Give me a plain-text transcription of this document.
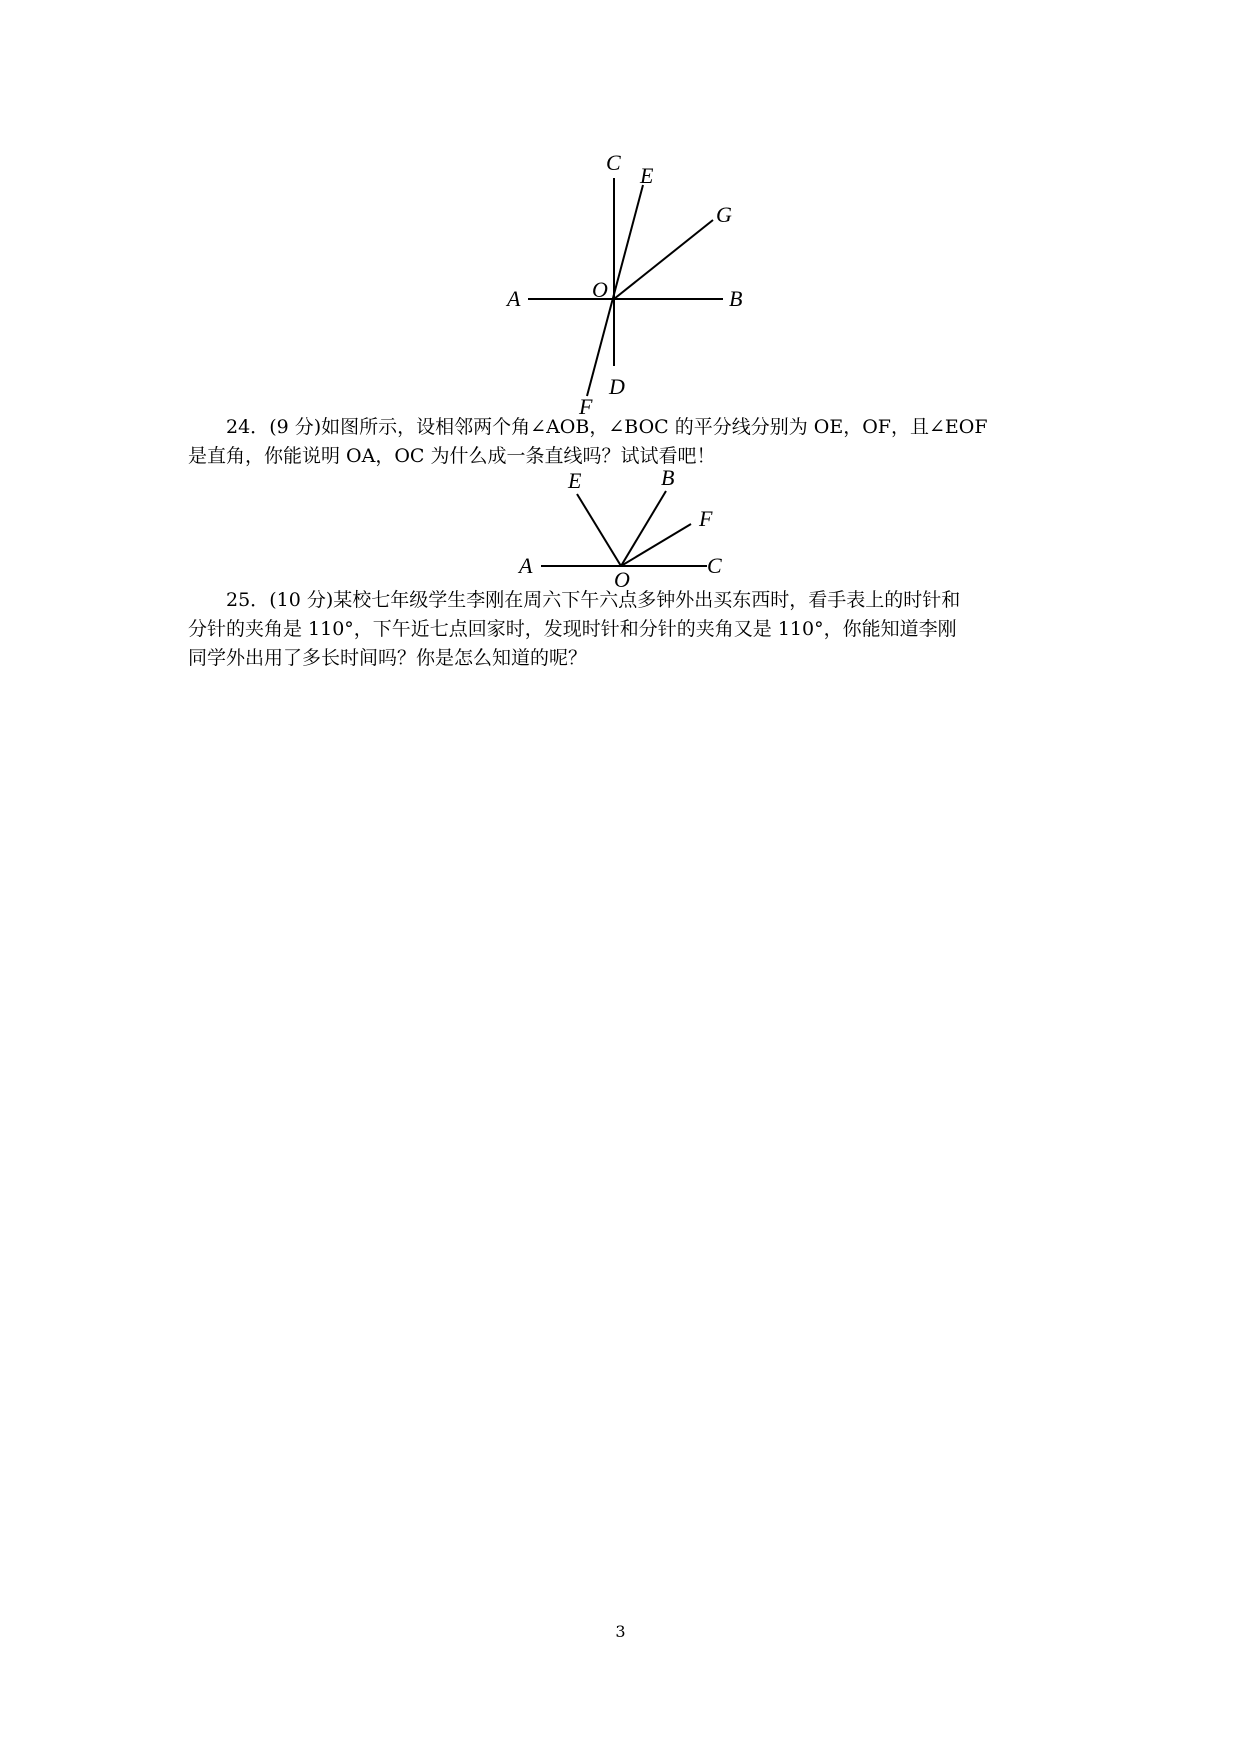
C
E
G
A	O	B
F
D

24．(9 分)如图所示，设相邻两个角∠AOB，∠BOC 的平分线分别为 OE，OF，且∠EOF
是直角，你能说明 OA，OC 为什么成一条直线吗？试试看吧！

E	B
F
A
O
C

25．(10 分)某校七年级学生李刚在周六下午六点多钟外出买东西时，看手表上的时针和
分针的夹角是 110°，下午近七点回家时，发现时针和分针的夹角又是 110°，你能知道李刚
同学外出用了多长时间吗？你是怎么知道的呢？

3
